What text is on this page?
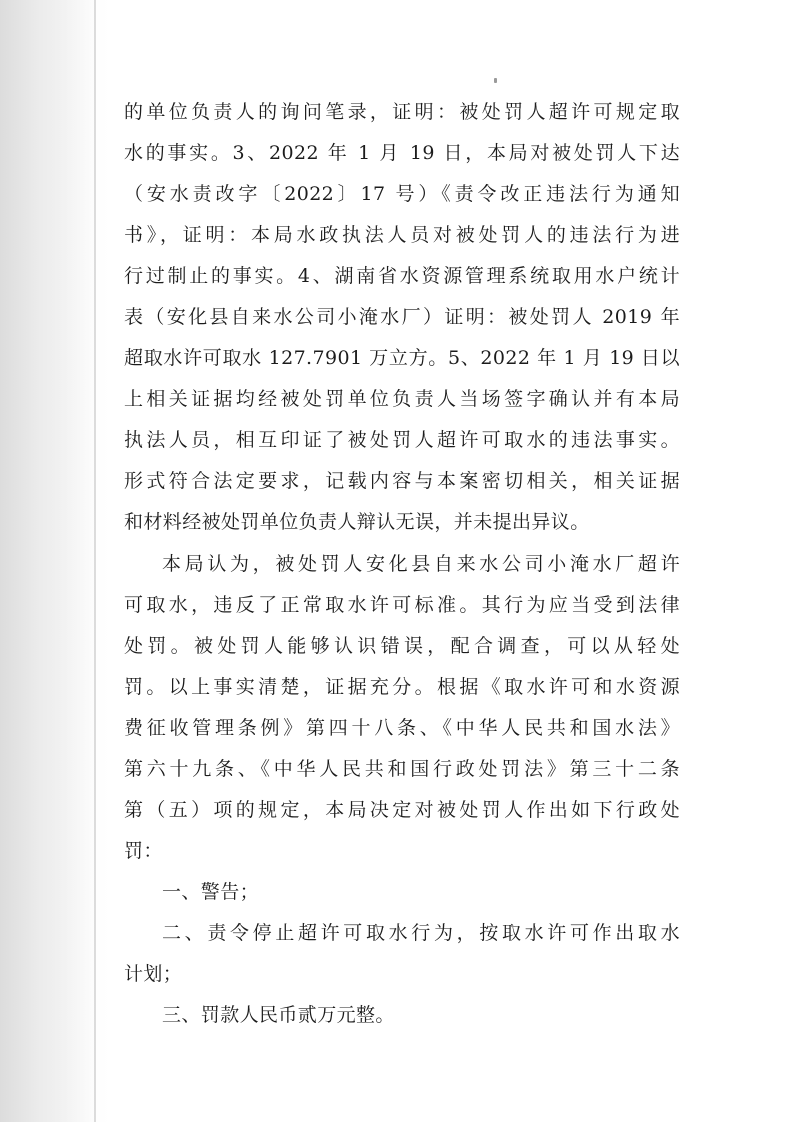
的单位负责人的询问笔录，证明：被处罚人超许可规定取
水的事实。3、2022 年 1 月 19 日，本局对被处罚人下达
（安水责改字〔2022〕17 号）《责令改正违法行为通知
书》，证明：本局水政执法人员对被处罚人的违法行为进
行过制止的事实。4、湖南省水资源管理系统取用水户统计
表（安化县自来水公司小淹水厂）证明：被处罚人 2019 年
超取水许可取水 127.7901 万立方。5、2022 年 1 月 19 日以
上相关证据均经被处罚单位负责人当场签字确认并有本局
执法人员，相互印证了被处罚人超许可取水的违法事实。
形式符合法定要求，记载内容与本案密切相关，相关证据
和材料经被处罚单位负责人辩认无误，并未提出异议。
本局认为，被处罚人安化县自来水公司小淹水厂超许
可取水，违反了正常取水许可标准。其行为应当受到法律
处罚。被处罚人能够认识错误，配合调查，可以从轻处
罚。以上事实清楚，证据充分。根据《取水许可和水资源
费征收管理条例》第四十八条、《中华人民共和国水法》
第六十九条、《中华人民共和国行政处罚法》第三十二条
第（五）项的规定，本局决定对被处罚人作出如下行政处
罚：
一、警告；
二、责令停止超许可取水行为，按取水许可作出取水
计划；
三、罚款人民币贰万元整。
